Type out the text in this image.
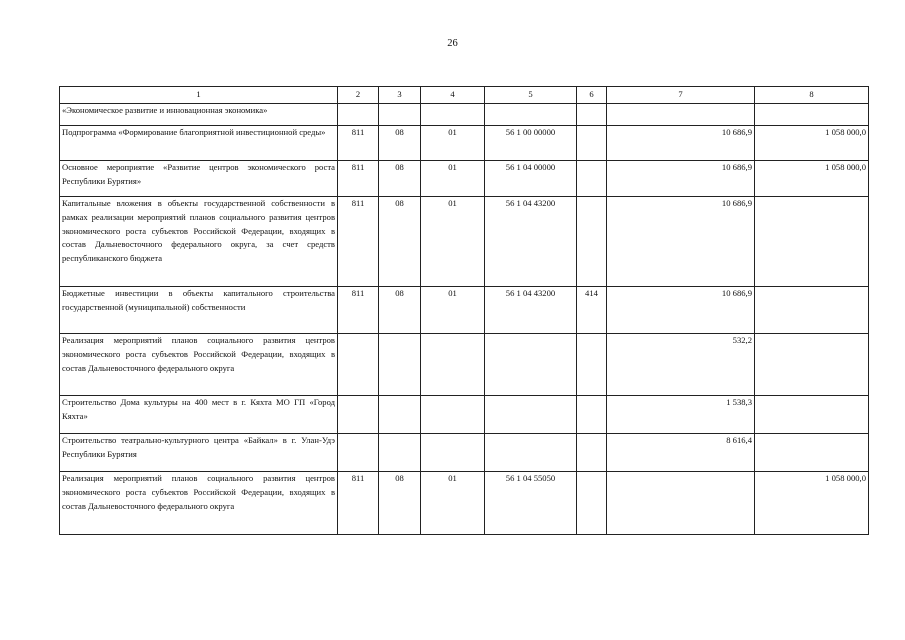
26
1	2	3	4	5	6	7	8
«Экономическое развитие и инновационная экономика»							
Подпрограмма «Формирование благоприятной инвестиционной среды»	811	08	01	56 1 00 00000		10 686,9	1 058 000,0
Основное мероприятие «Развитие центров экономического роста Республики Бурятия»	811	08	01	56 1 04 00000		10 686,9	1 058 000,0
Капитальные вложения в объекты государственной собственности в рамках реализации мероприятий планов социального развития центров экономического роста субъектов Российской Федерации, входящих в состав Дальневосточного федерального округа, за счет средств республиканского бюджета	811	08	01	56 1 04 43200		10 686,9	
Бюджетные инвестиции в объекты капитального строительства государственной (муниципальной) собственности	811	08	01	56 1 04 43200	414	10 686,9	
Реализация мероприятий планов социального развития центров экономического роста субъектов Российской Федерации, входящих в состав Дальневосточного федерального округа						532,2	
Строительство Дома культуры на 400 мест в г. Кяхта МО ГП «Город Кяхта»						1 538,3	
Строительство театрально-культурного центра «Байкал» в г. Улан-Удэ Республики Бурятия						8 616,4	
Реализация мероприятий планов социального развития центров экономического роста субъектов Российской Федерации, входящих в состав Дальневосточного федерального округа	811	08	01	56 1 04 55050			1 058 000,0
